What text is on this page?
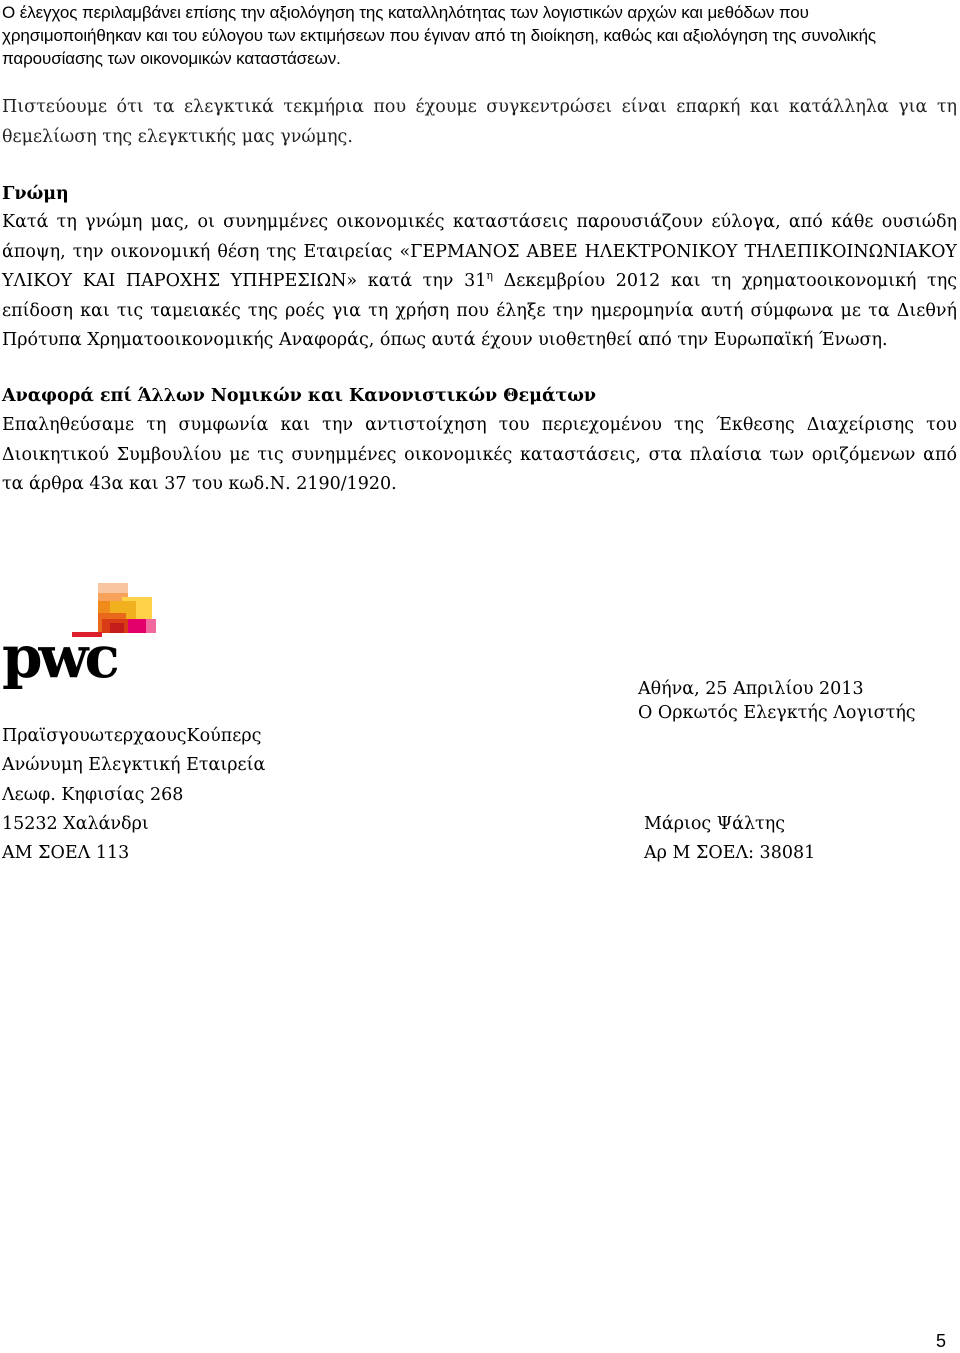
Ο έλεγχος περιλαμβάνει επίσης την αξιολόγηση της καταλληλότητας των λογιστικών αρχών και μεθόδων που χρησιμοποιήθηκαν και του εύλογου των εκτιμήσεων που έγιναν από τη διοίκηση, καθώς και αξιολόγηση της συνολικής παρουσίασης των οικονομικών καταστάσεων.
Πιστεύουμε ότι τα ελεγκτικά τεκμήρια που έχουμε συγκεντρώσει είναι επαρκή και κατάλληλα για τη θεμελίωση της ελεγκτικής μας γνώμης.
Γνώμη
Κατά τη γνώμη μας, οι συνημμένες οικονομικές καταστάσεις παρουσιάζουν εύλογα, από κάθε ουσιώδη άποψη, την οικονομική θέση της Εταιρείας «ΓΕΡΜΑΝΟΣ ΑΒΕΕ ΗΛΕΚΤΡΟΝΙΚΟΥ ΤΗΛΕΠΙΚΟΙΝΩΝΙΑΚΟΥ ΥΛΙΚΟΥ ΚΑΙ ΠΑΡΟΧΗΣ ΥΠΗΡΕΣΙΩΝ» κατά την $31^\eta$ Δεκεμβρίου 2012 και τη χρηματοοικονομική της επίδοση και τις ταμειακές της ροές για τη χρήση που έληξε την ημερομηνία αυτή σύμφωνα με τα Διεθνή Πρότυπα Χρηματοοικονομικής Αναφοράς, όπως αυτά έχουν υιοθετηθεί από την Ευρωπαϊκή Ένωση.
Αναφορά επί Άλλων Νομικών και Κανονιστικών Θεμάτων
Επαληθεύσαμε τη συμφωνία και την αντιστοίχηση του περιεχομένου της Έκθεσης Διαχείρισης του Διοικητικού Συμβουλίου με τις συνημμένες οικονομικές καταστάσεις, στα πλαίσια των οριζόμενων από τα άρθρα 43α και 37 του κωδ.Ν. 2190/1920.
pwc
ΠραϊσγουωτερχαουςΚούπερς
Ανώνυμη Ελεγκτική Εταιρεία
Λεωφ. Κηφισίας 268
15232 Χαλάνδρι
ΑΜ ΣΟΕΛ 113
Αθήνα, 25 Απριλίου 2013
Ο Ορκωτός Ελεγκτής Λογιστής
Μάριος Ψάλτης
Αρ Μ ΣΟΕΛ: 38081
5
